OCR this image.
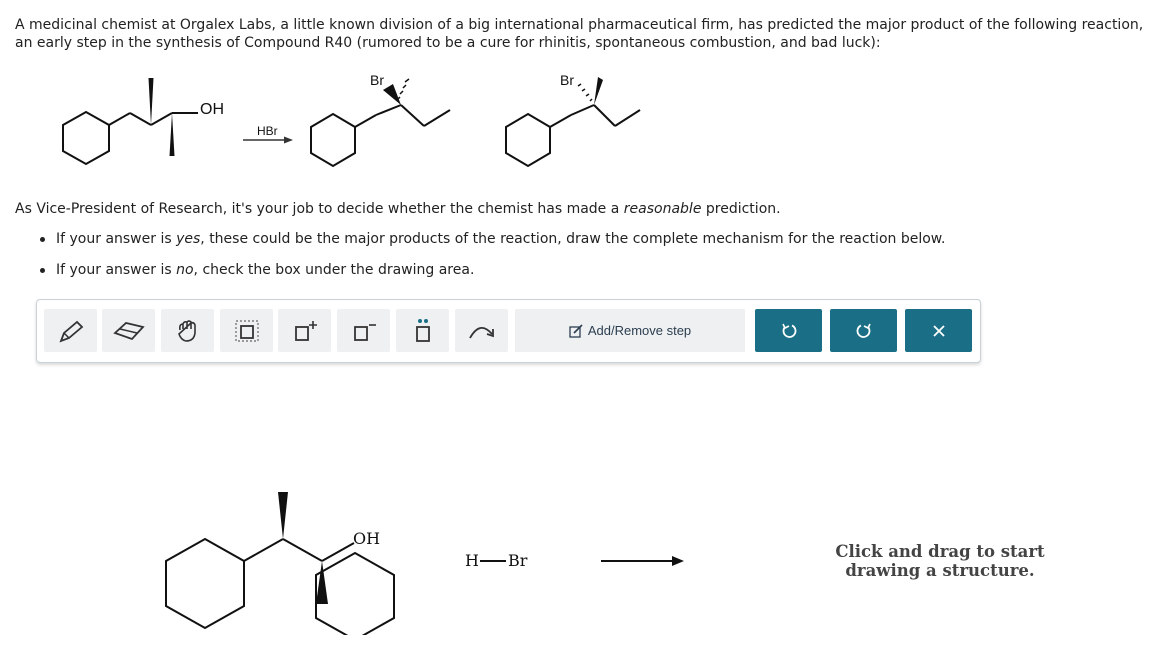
A medicinal chemist at Orgalex Labs, a little known division of a big international pharmaceutical firm, has predicted the major product of the following reaction, an early step in the synthesis of Compound R40 (rumored to be a cure for rhinitis, spontaneous combustion, and bad luck):
OH
HBr
Br	Br
As Vice-President of Research, it's your job to decide whether the chemist has made a reasonable prediction.
If your answer is yes, these could be the major products of the reaction, draw the complete mechanism for the reaction below.
If your answer is no, check the box under the drawing area.
Add/Remove step
OH
H Br	Click and drag to start
drawing a structure.
